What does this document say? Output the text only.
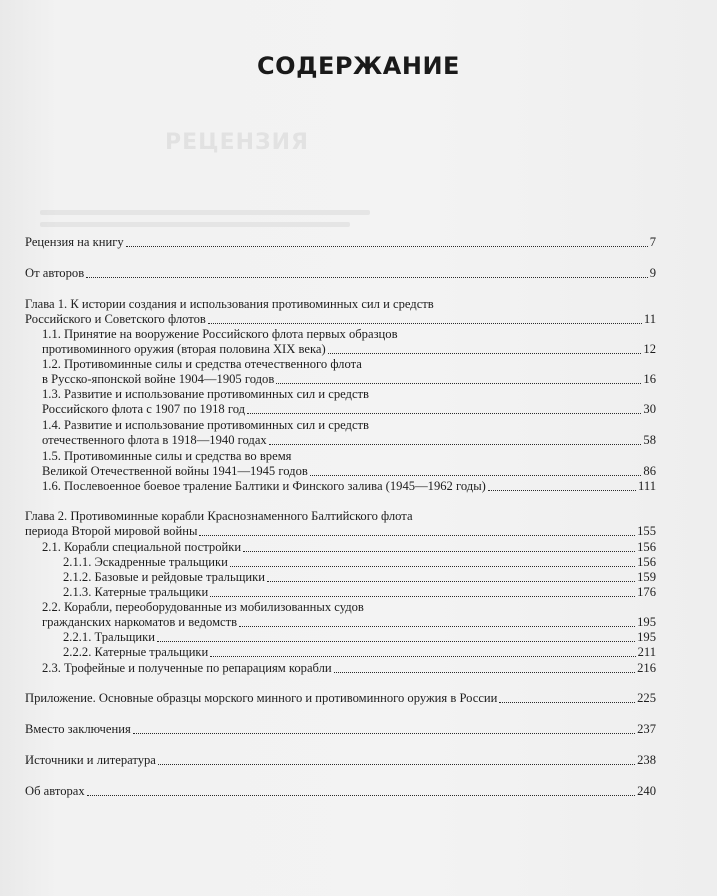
РЕЦЕНЗИЯ
СОДЕРЖАНИЕ
Рецензия на книгу	7
От авторов	9
Глава 1. К истории создания и использования противоминных сил и средств
Российского и Советского флотов	11
1.1. Принятие на вооружение Российского флота первых образцов
противоминного оружия (вторая половина XIX века)	12
1.2. Противоминные силы и средства отечественного флота
в Русско-японской войне 1904—1905 годов	16
1.3. Развитие и использование противоминных сил и средств
Российского флота с 1907 по 1918 год	30
1.4. Развитие и использование противоминных сил и средств
отечественного флота в 1918—1940 годах	58
1.5. Противоминные силы и средства во время
Великой Отечественной войны 1941—1945 годов	86
1.6. Послевоенное боевое траление Балтики и Финского залива (1945—1962 годы)	111
Глава 2. Противоминные корабли Краснознаменного Балтийского флота
периода Второй мировой войны	155
2.1. Корабли специальной постройки	156
2.1.1. Эскадренные тральщики	156
2.1.2. Базовые и рейдовые тральщики	159
2.1.3. Катерные тральщики	176
2.2. Корабли, переоборудованные из мобилизованных судов
гражданских наркоматов и ведомств	195
2.2.1. Тральщики	195
2.2.2. Катерные тральщики	211
2.3. Трофейные и полученные по репарациям корабли	216
Приложение. Основные образцы морского минного и противоминного оружия в России	225
Вместо заключения	237
Источники и литература	238
Об авторах	240
